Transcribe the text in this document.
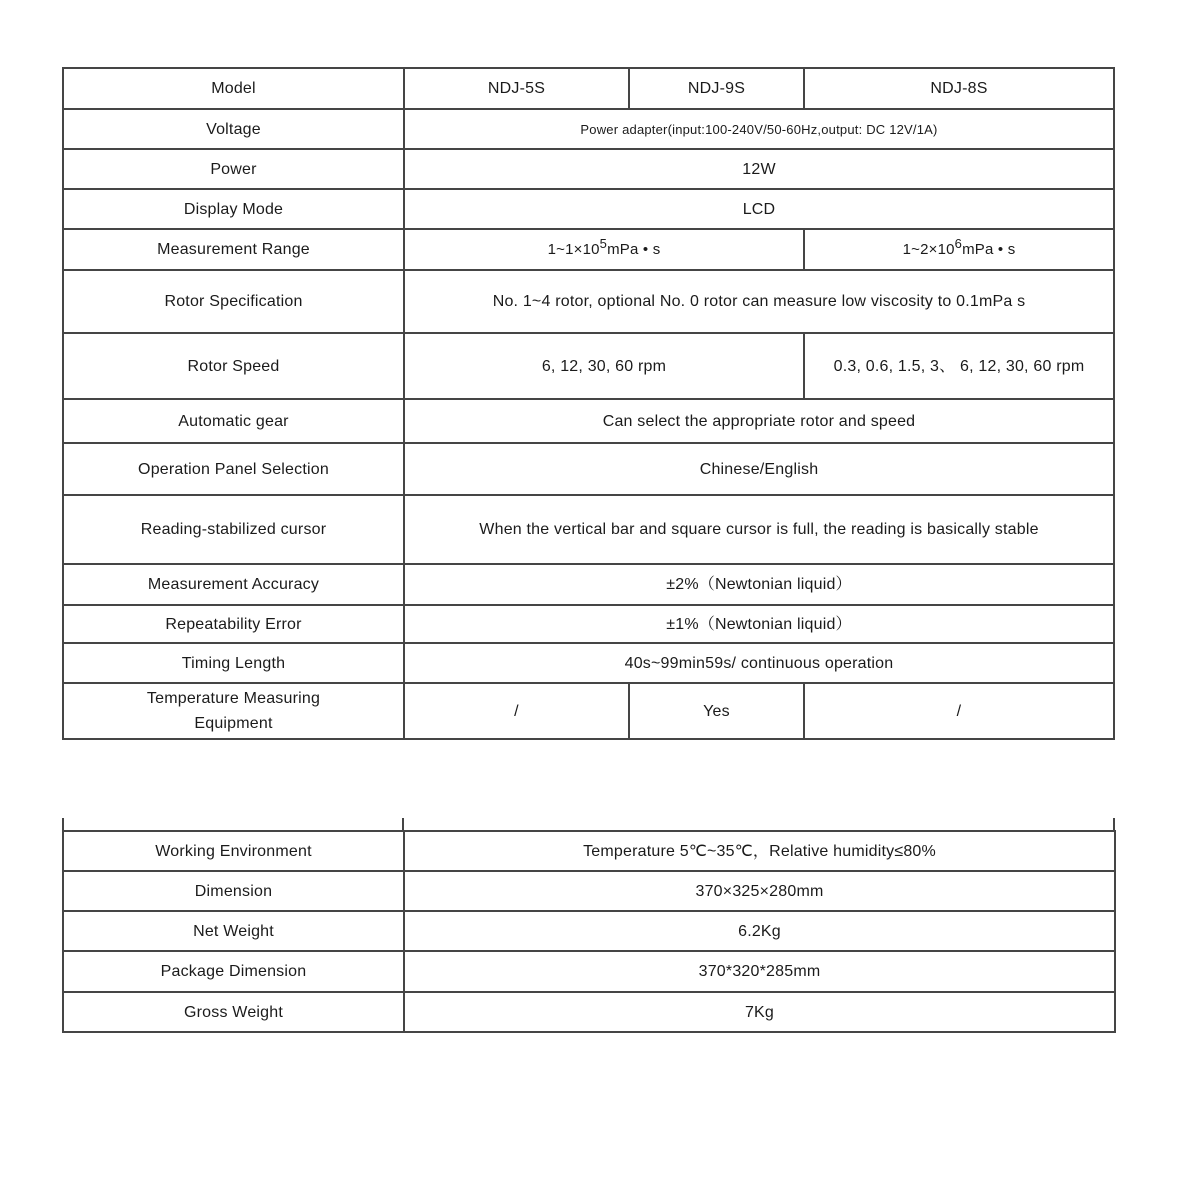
Model	NDJ-5S	NDJ-9S	NDJ-8S
Voltage	Power adapter(input:100-240V/50-60Hz,output: DC 12V/1A)		
Power	12W		
Display Mode	LCD		
Measurement Range	$1\sim 1\times 10^5mPa$ • s		$1\sim 2\times 10^6mPa$ • s
Rotor Specification	No. 1~4 rotor, optional No. 0 rotor can measure low viscosity to 0.1mPa s		
Rotor Speed	6, 12, 30, 60 rpm		0.3, 0.6, 1.5, 3、 6, 12, 30, 60 rpm
Automatic gear	Can select the appropriate rotor and speed		
Operation Panel Selection	Chinese/English		
Reading-stabilized cursor	When the vertical bar and square cursor is full, the reading is basically stable		
Measurement Accuracy	±2%（Newtonian liquid）		
Repeatability Error	±1%（Newtonian liquid）		
Timing Length	40s~99min59s/ continuous operation		
Temperature Measuring Equipment	/	Yes	/
Working Environment	Temperature 5℃~35℃，Relative humidity≤80%
Dimension	370×325×280mm
Net Weight	6.2Kg
Package Dimension	370*320*285mm
Gross Weight	7Kg
